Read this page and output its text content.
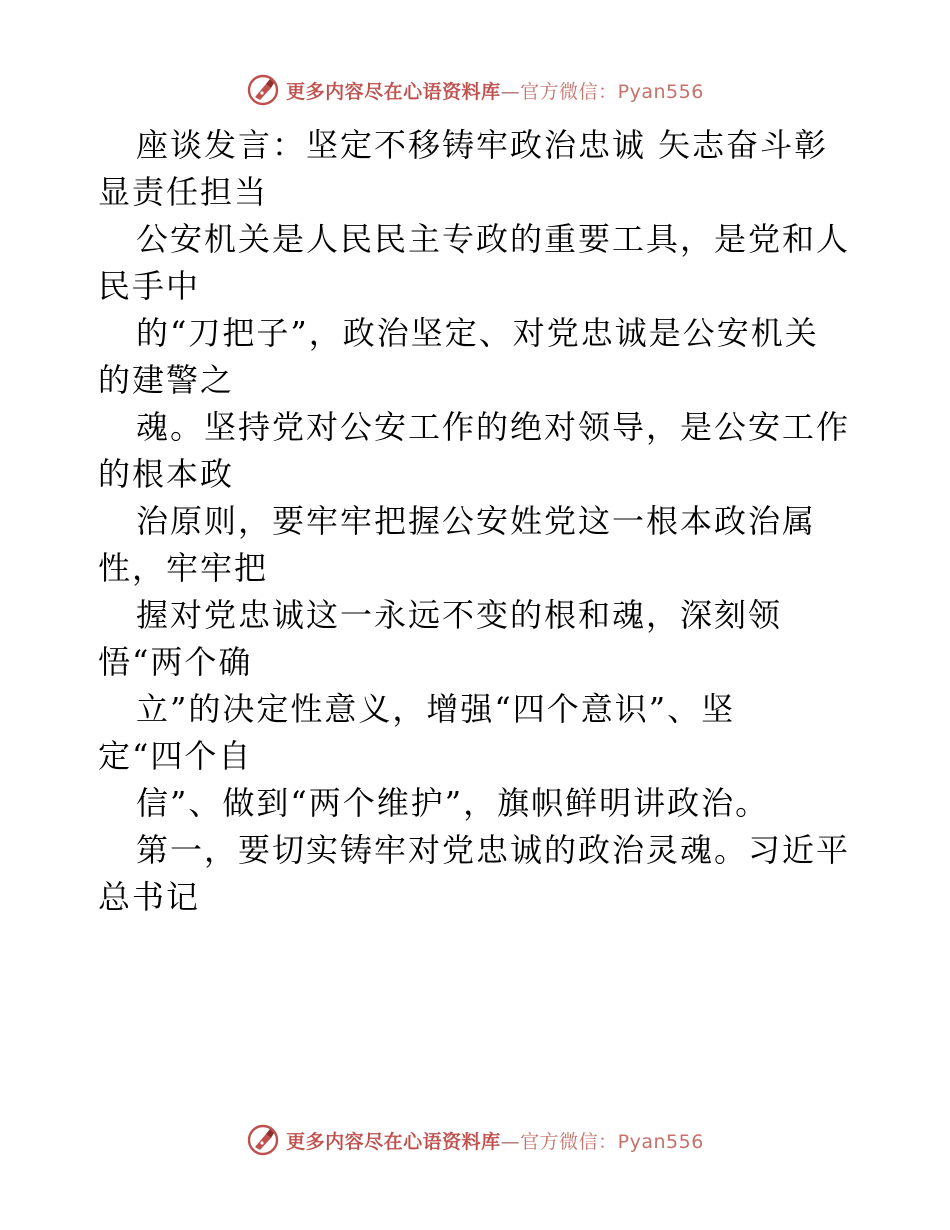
更多内容尽在心语资料库—官方微信：Pyan556
座谈发言：坚定不移铸牢政治忠诚 矢志奋斗彰
显责任担当
公安机关是人民民主专政的重要工具，是党和人
民手中
的“刀把子”，政治坚定、对党忠诚是公安机关
的建警之
魂。坚持党对公安工作的绝对领导，是公安工作
的根本政
治原则，要牢牢把握公安姓党这一根本政治属
性，牢牢把
握对党忠诚这一永远不变的根和魂，深刻领
悟“两个确
立”的决定性意义，增强“四个意识”、坚
定“四个自
信”、做到“两个维护”，旗帜鲜明讲政治。
第一，要切实铸牢对党忠诚的政治灵魂。习近平
总书记
更多内容尽在心语资料库—官方微信：Pyan556
